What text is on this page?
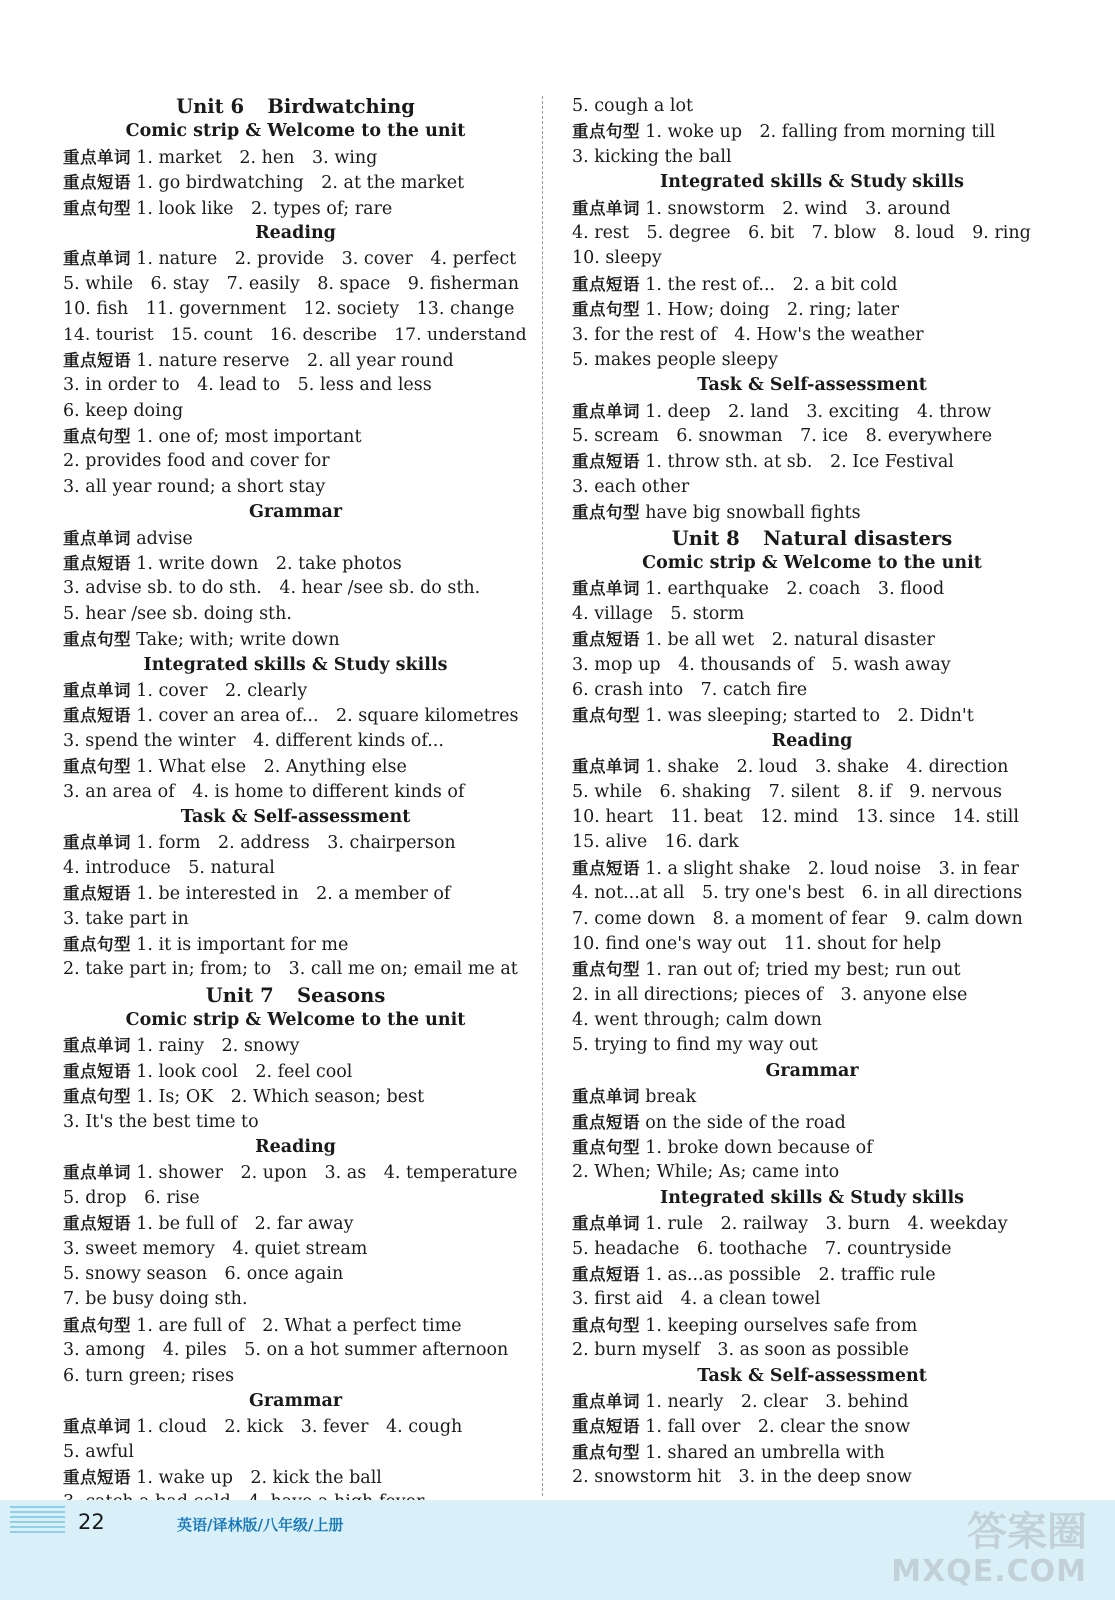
Unit 6 Birdwatching
Comic strip & Welcome to the unit
重点单词 1. market　2. hen　3. wing
重点短语 1. go birdwatching　2. at the market
重点句型 1. look like　2. types of; rare
Reading
重点单词 1. nature　2. provide　3. cover　4. perfect
5. while　6. stay　7. easily　8. space　9. fisherman
10. fish　11. government　12. society　13. change
14. tourist　15. count　16. describe　17. understand
重点短语 1. nature reserve　2. all year round
3. in order to　4. lead to　5. less and less
6. keep doing
重点句型 1. one of; most important
2. provides food and cover for
3. all year round; a short stay
Grammar
重点单词 advise
重点短语 1. write down　2. take photos
3. advise sb. to do sth.　4. hear /see sb. do sth.
5. hear /see sb. doing sth.
重点句型 Take; with; write down
Integrated skills & Study skills
重点单词 1. cover　2. clearly
重点短语 1. cover an area of...　2. square kilometres
3. spend the winter　4. different kinds of...
重点句型 1. What else　2. Anything else
3. an area of　4. is home to different kinds of
Task & Self-assessment
重点单词 1. form　2. address　3. chairperson
4. introduce　5. natural
重点短语 1. be interested in　2. a member of
3. take part in
重点句型 1. it is important for me
2. take part in; from; to　3. call me on; email me at
Unit 7 Seasons
Comic strip & Welcome to the unit
重点单词 1. rainy　2. snowy
重点短语 1. look cool　2. feel cool
重点句型 1. Is; OK　2. Which season; best
3. It's the best time to
Reading
重点单词 1. shower　2. upon　3. as　4. temperature
5. drop　6. rise
重点短语 1. be full of　2. far away
3. sweet memory　4. quiet stream
5. snowy season　6. once again
7. be busy doing sth.
重点句型 1. are full of　2. What a perfect time
3. among　4. piles　5. on a hot summer afternoon
6. turn green; rises
Grammar
重点单词 1. cloud　2. kick　3. fever　4. cough
5. awful
重点短语 1. wake up　2. kick the ball
5. cough a lot
重点句型 1. woke up　2. falling from morning till
3. kicking the ball
Integrated skills & Study skills
重点单词 1. snowstorm　2. wind　3. around
4. rest　5. degree　6. bit　7. blow　8. loud　9. ring
10. sleepy
重点短语 1. the rest of...　2. a bit cold
重点句型 1. How; doing　2. ring; later
3. for the rest of　4. How's the weather
5. makes people sleepy
Task & Self-assessment
重点单词 1. deep　2. land　3. exciting　4. throw
5. scream　6. snowman　7. ice　8. everywhere
重点短语 1. throw sth. at sb.　2. Ice Festival
3. each other
重点句型 have big snowball fights
Unit 8 Natural disasters
Comic strip & Welcome to the unit
重点单词 1. earthquake　2. coach　3. flood
4. village　5. storm
重点短语 1. be all wet　2. natural disaster
3. mop up　4. thousands of　5. wash away
6. crash into　7. catch fire
重点句型 1. was sleeping; started to　2. Didn't
Reading
重点单词 1. shake　2. loud　3. shake　4. direction
5. while　6. shaking　7. silent　8. if　9. nervous
10. heart　11. beat　12. mind　13. since　14. still
15. alive　16. dark
重点短语 1. a slight shake　2. loud noise　3. in fear
4. not...at all　5. try one's best　6. in all directions
7. come down　8. a moment of fear　9. calm down
10. find one's way out　11. shout for help
重点句型 1. ran out of; tried my best; run out
2. in all directions; pieces of　3. anyone else
4. went through; calm down
5. trying to find my way out
Grammar
重点单词 break
重点短语 on the side of the road
重点句型 1. broke down because of
2. When; While; As; came into
Integrated skills & Study skills
重点单词 1. rule　2. railway　3. burn　4. weekday
5. headache　6. toothache　7. countryside
重点短语 1. as...as possible　2. traffic rule
3. first aid　4. a clean towel
重点句型 1. keeping ourselves safe from
2. burn myself　3. as soon as possible
Task & Self-assessment
重点单词 1. nearly　2. clear　3. behind
重点短语 1. fall over　2. clear the snow
重点句型 1. shared an umbrella with
2. snowstorm hit　3. in the deep snow
22	英语/译林版/八年级/上册	答案圈
MXQE.COM
